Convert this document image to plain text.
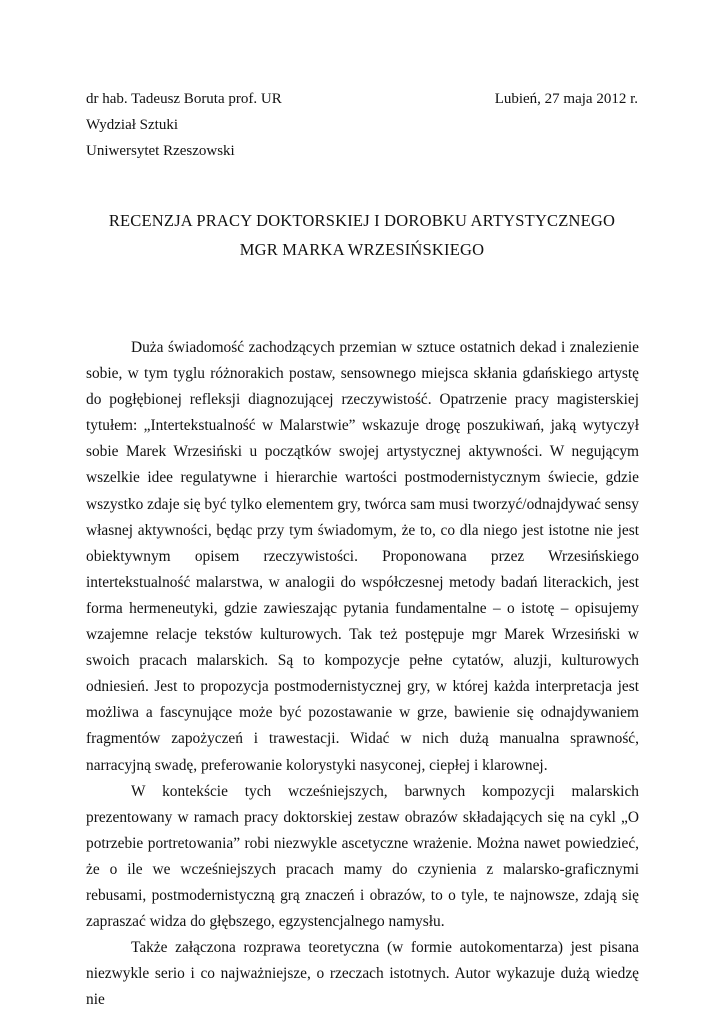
dr hab. Tadeusz Boruta prof. UR	Lubień, 27 maja 2012 r.
Wydział Sztuki
Uniwersytet Rzeszowski
RECENZJA PRACY DOKTORSKIEJ I DOROBKU ARTYSTYCZNEGO
MGR MARKA WRZESIŃSKIEGO

Duża świadomość zachodzących przemian w sztuce ostatnich dekad i znalezienie sobie, w tym tyglu różnorakich postaw, sensownego miejsca skłania gdańskiego artystę do pogłębionej refleksji diagnozującej rzeczywistość. Opatrzenie pracy magisterskiej tytułem: „Intertekstualność w Malarstwie” wskazuje drogę poszukiwań, jaką wytyczył sobie Marek Wrzesiński u początków swojej artystycznej aktywności. W negującym wszelkie idee regulatywne i hierarchie wartości postmodernistycznym świecie, gdzie wszystko zdaje się być tylko elementem gry, twórca sam musi tworzyć/odnajdywać sensy własnej aktywności, będąc przy tym świadomym, że to, co dla niego jest istotne nie jest obiektywnym opisem rzeczywistości. Proponowana przez Wrzesińskiego intertekstualność malarstwa, w analogii do współczesnej metody badań literackich, jest forma hermeneutyki, gdzie zawieszając pytania fundamentalne – o istotę – opisujemy wzajemne relacje tekstów kulturowych. Tak też postępuje mgr Marek Wrzesiński w swoich pracach malarskich. Są to kompozycje pełne cytatów, aluzji, kulturowych odniesień. Jest to propozycja postmodernistycznej gry, w której każda interpretacja jest możliwa a fascynujące może być pozostawanie w grze, bawienie się odnajdywaniem fragmentów zapożyczeń i trawestacji. Widać w nich dużą manualna sprawność, narracyjną swadę, preferowanie kolorystyki nasyconej, ciepłej i klarownej.

W kontekście tych wcześniejszych, barwnych kompozycji malarskich prezentowany w ramach pracy doktorskiej zestaw obrazów składających się na cykl „O potrzebie portretowania” robi niezwykle ascetyczne wrażenie. Można nawet powiedzieć, że o ile we wcześniejszych pracach mamy do czynienia z malarsko-graficznymi rebusami, postmodernistyczną grą znaczeń i obrazów, to o tyle, te najnowsze, zdają się zapraszać widza do głębszego, egzystencjalnego namysłu.

Także załączona rozprawa teoretyczna (w formie autokomentarza) jest pisana niezwykle serio i co najważniejsze, o rzeczach istotnych. Autor wykazuje dużą wiedzę nie
